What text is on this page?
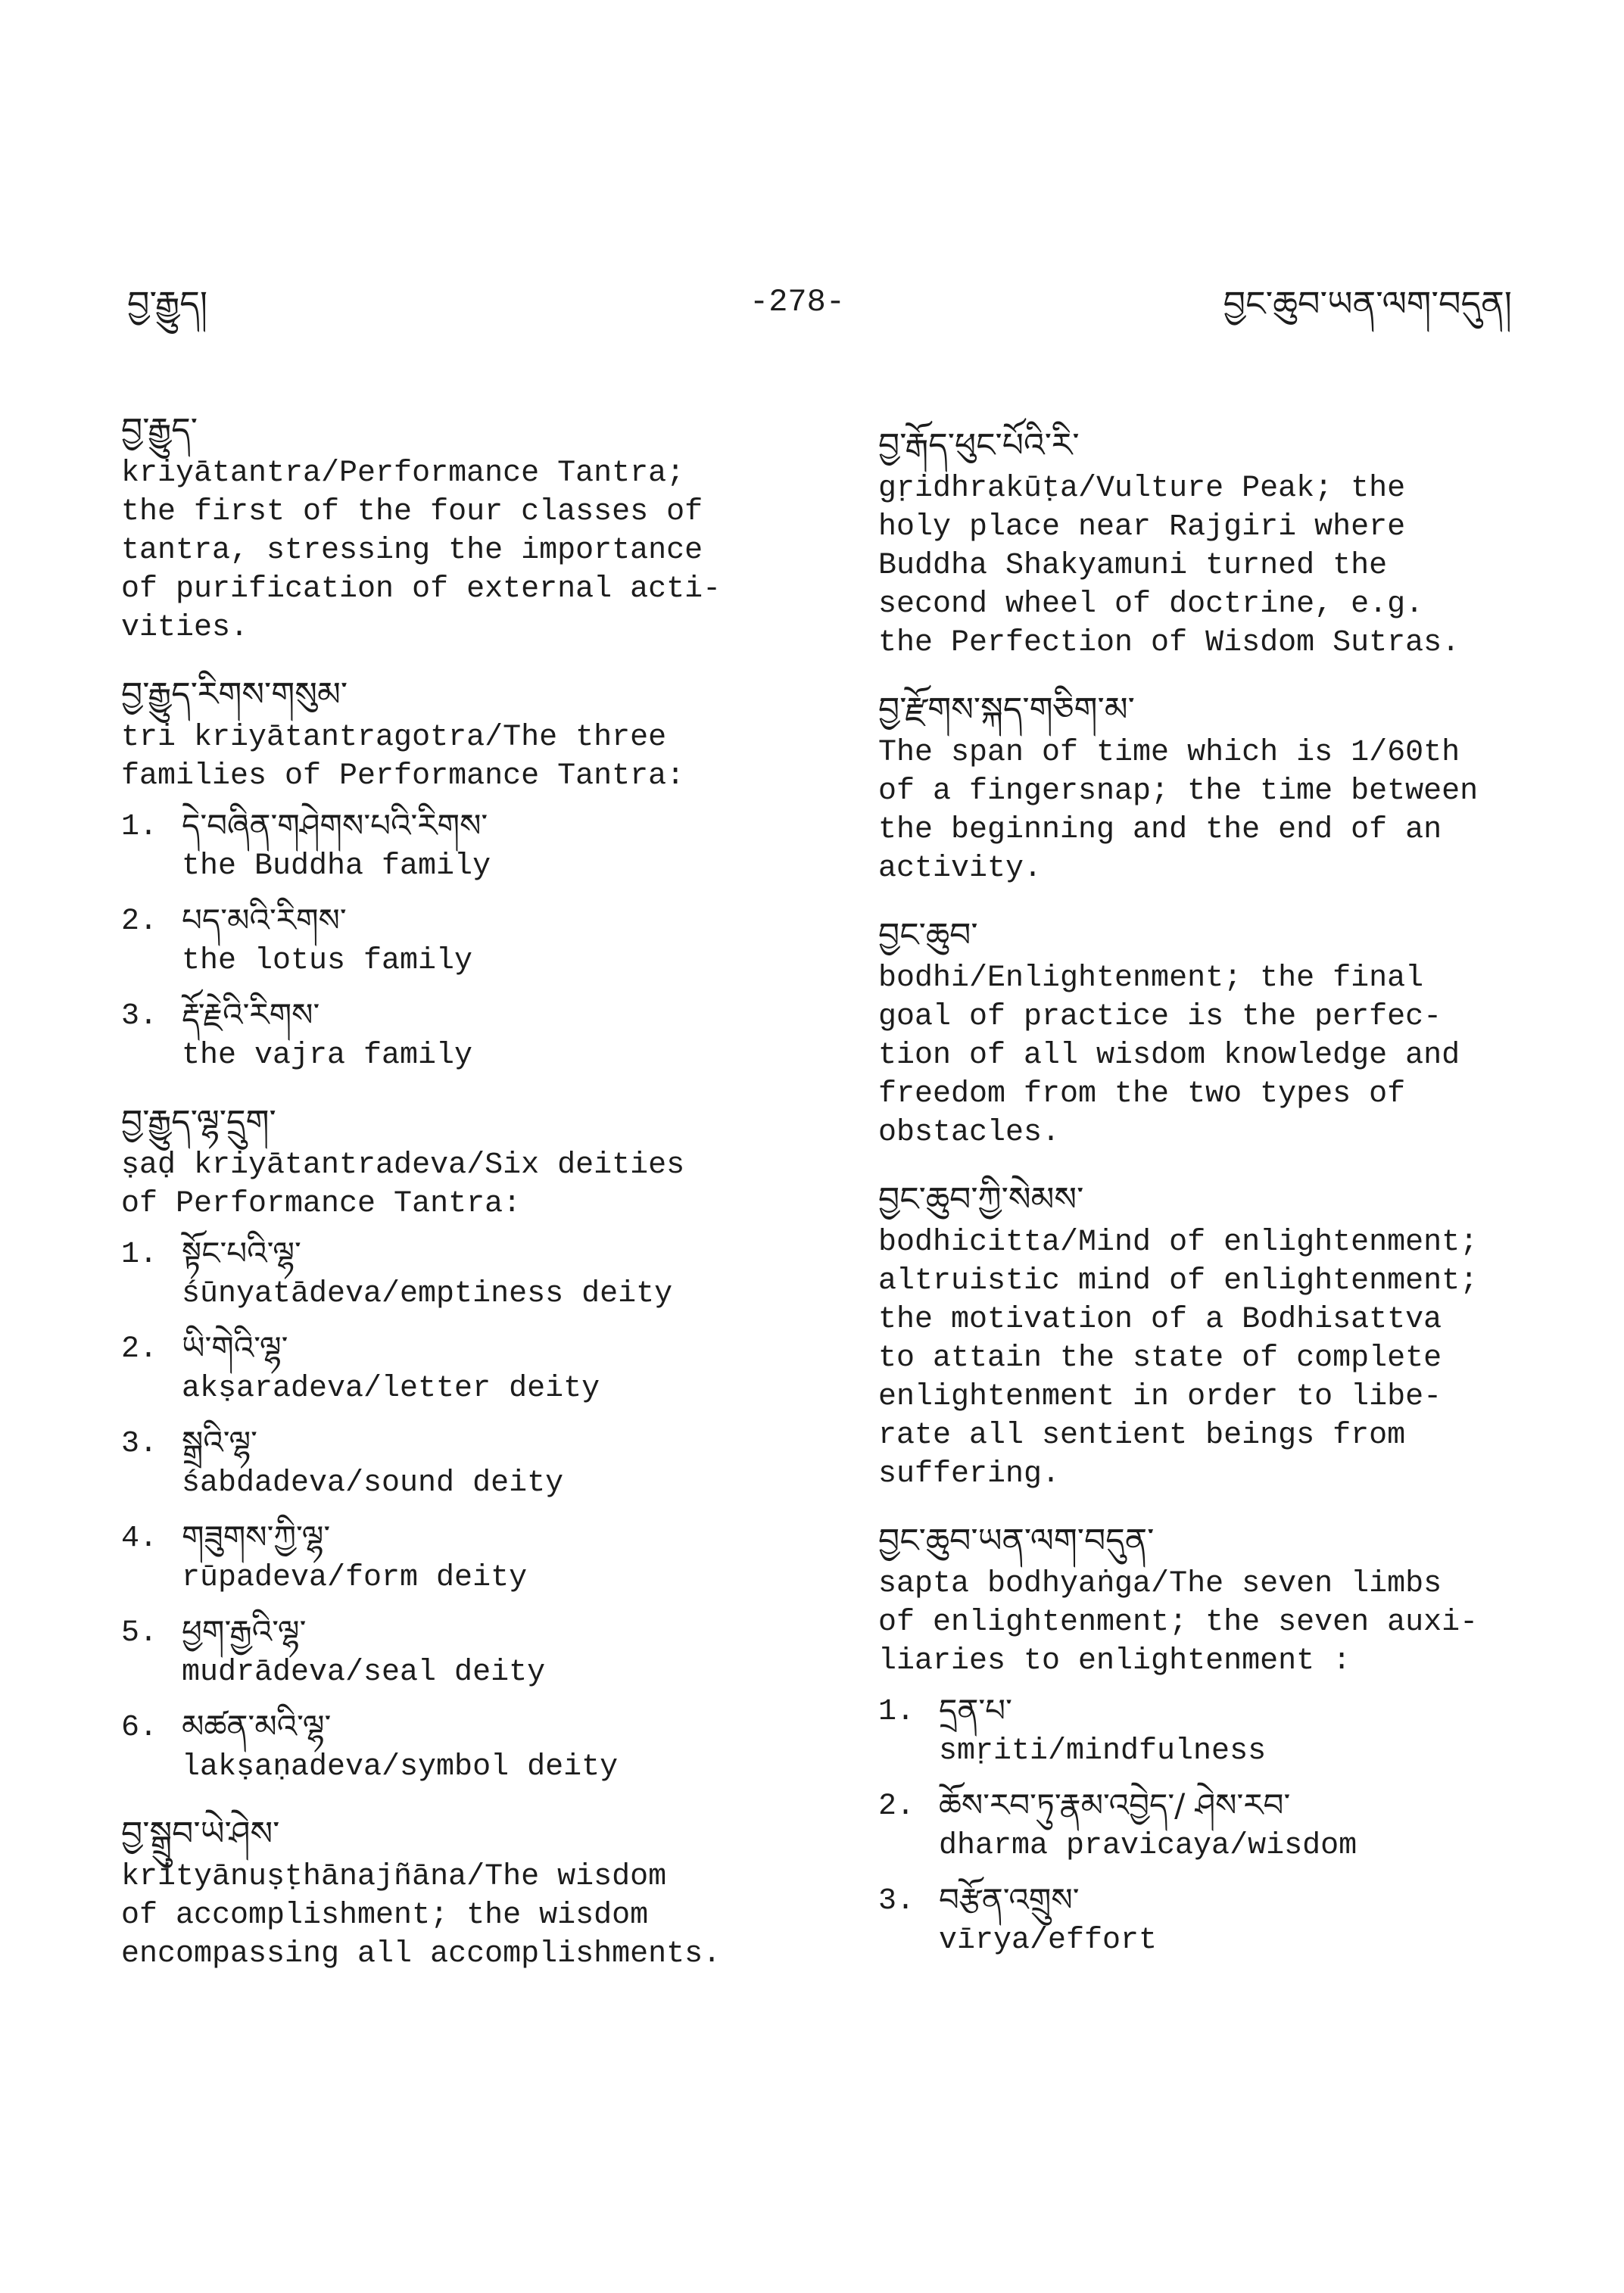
བྱ་རྒྱུད།	-278-	བྱང་ཆུབ་ཡན་ལག་བདུན།
བྱ་རྒྱུད་

kriyātantra/Performance Tantra;
the first of the four classes of
tantra, stressing the importance
of purification of external acti-
vities.

བྱ་རྒྱུད་རིགས་གསུམ་

tri kriyātantragotra/The three
families of Performance Tantra:

1. དེ་བཞིན་གཤེགས་པའི་རིགས་
the Buddha family
2. པད་མའི་རིགས་
the lotus family
3. རྡོ་རྗེའི་རིགས་
the vajra family
བྱ་རྒྱུད་ལྷ་དྲུག་

ṣaḍ kriyātantradeva/Six deities
of Performance Tantra:

1. སྟོང་པའི་ལྷ་
śūnyatādeva/emptiness deity
2. ཡི་གེའི་ལྷ་
akṣaradeva/letter deity
3. སྒྲའི་ལྷ་
śabdadeva/sound deity
4. གཟུགས་ཀྱི་ལྷ་
rūpadeva/form deity
5. ཕྱག་རྒྱའི་ལྷ་
mudrādeva/seal deity
6. མཚན་མའི་ལྷ་
lakṣaṇadeva/symbol deity
བྱ་སྒྲུབ་ཡེ་ཤེས་

krityānuṣṭhānajñāna/The wisdom
of accomplishment; the wisdom
encompassing all accomplishments.

བྱ་རྒོད་ཕུང་པོའི་རི་

gṛidhrakūṭa/Vulture Peak; the
holy place near Rajgiri where
Buddha Shakyamuni turned the
second wheel of doctrine, e.g.
the Perfection of Wisdom Sutras.

བྱ་རྫོགས་སྐད་གཅིག་མ་

The span of time which is 1/60th
of a fingersnap; the time between
the beginning and the end of an
activity.

བྱང་ཆུབ་

bodhi/Enlightenment; the final
goal of practice is the perfec-
tion of all wisdom knowledge and
freedom from the two types of
obstacles.

བྱང་ཆུབ་ཀྱི་སེམས་

bodhicitta/Mind of enlightenment;
altruistic mind of enlightenment;
the motivation of a Bodhisattva
to attain the state of complete
enlightenment in order to libe-
rate all sentient beings from
suffering.

བྱང་ཆུབ་ཡན་ལག་བདུན་

sapta bodhyaṅga/The seven limbs
of enlightenment; the seven auxi-
liaries to enlightenment :

1. དྲན་པ་
smṛiti/mindfulness
2. ཆོས་རབ་ཏུ་རྣམ་འབྱེད་/ ཤེས་རབ་
dharma pravicaya/wisdom
3. བརྩོན་འགྲུས་
vīrya/effort
